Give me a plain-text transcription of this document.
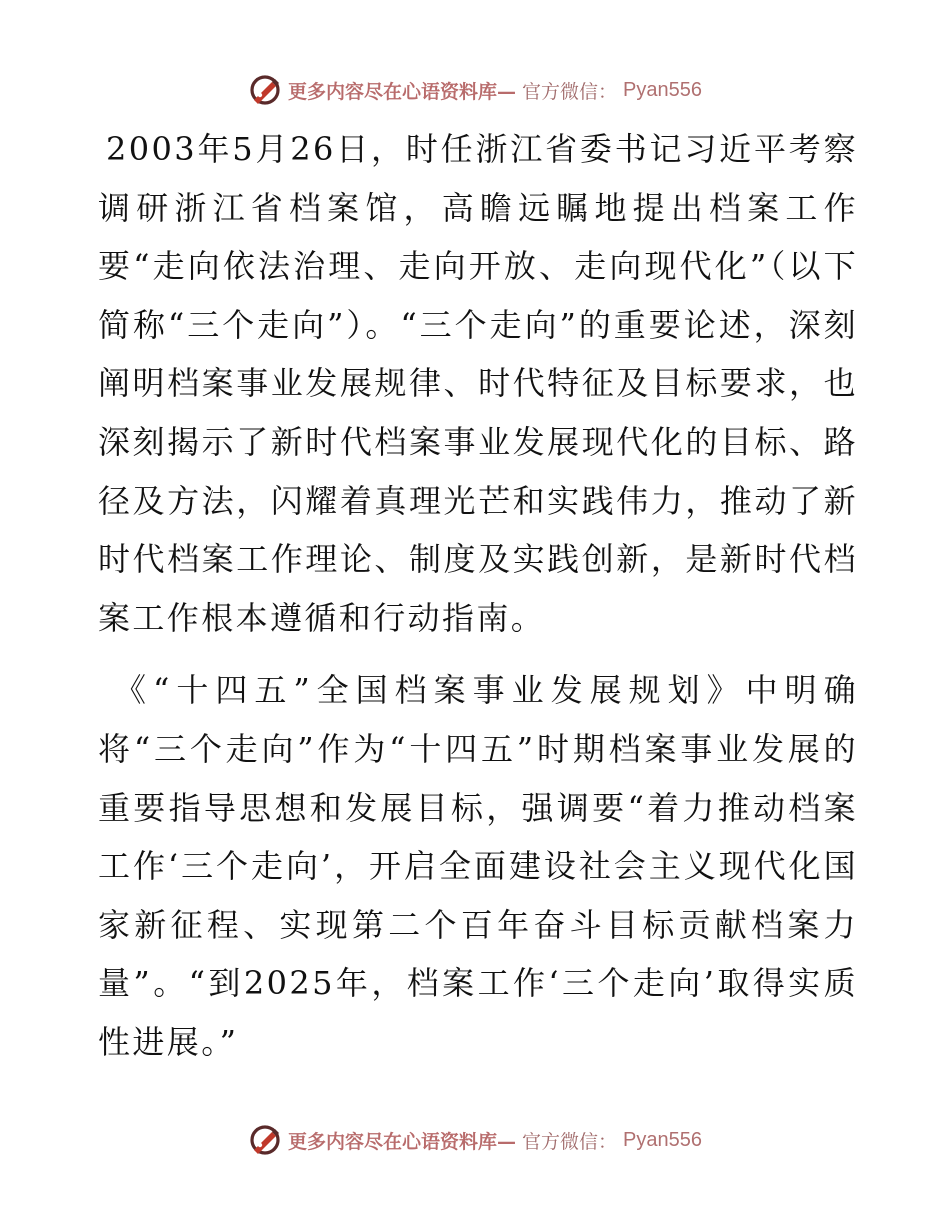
更多内容尽在心语资料库— 官方微信： Pyan556

2003年5月26日，时任浙江省委书记习近平考察调研浙江省档案馆，高瞻远瞩地提出档案工作要“走向依法治理、走向开放、走向现代化”（以下简称“三个走向”）。“三个走向”的重要论述，深刻阐明档案事业发展规律、时代特征及目标要求，也深刻揭示了新时代档案事业发展现代化的目标、路径及方法，闪耀着真理光芒和实践伟力，推动了新时代档案工作理论、制度及实践创新，是新时代档案工作根本遵循和行动指南。

《“十四五”全国档案事业发展规划》中明确将“三个走向”作为“十四五”时期档案事业发展的重要指导思想和发展目标，强调要“着力推动档案工作‘三个走向’，开启全面建设社会主义现代化国家新征程、实现第二个百年奋斗目标贡献档案力量”。“到2025年，档案工作‘三个走向’取得实质性进展。”

更多内容尽在心语资料库— 官方微信： Pyan556
